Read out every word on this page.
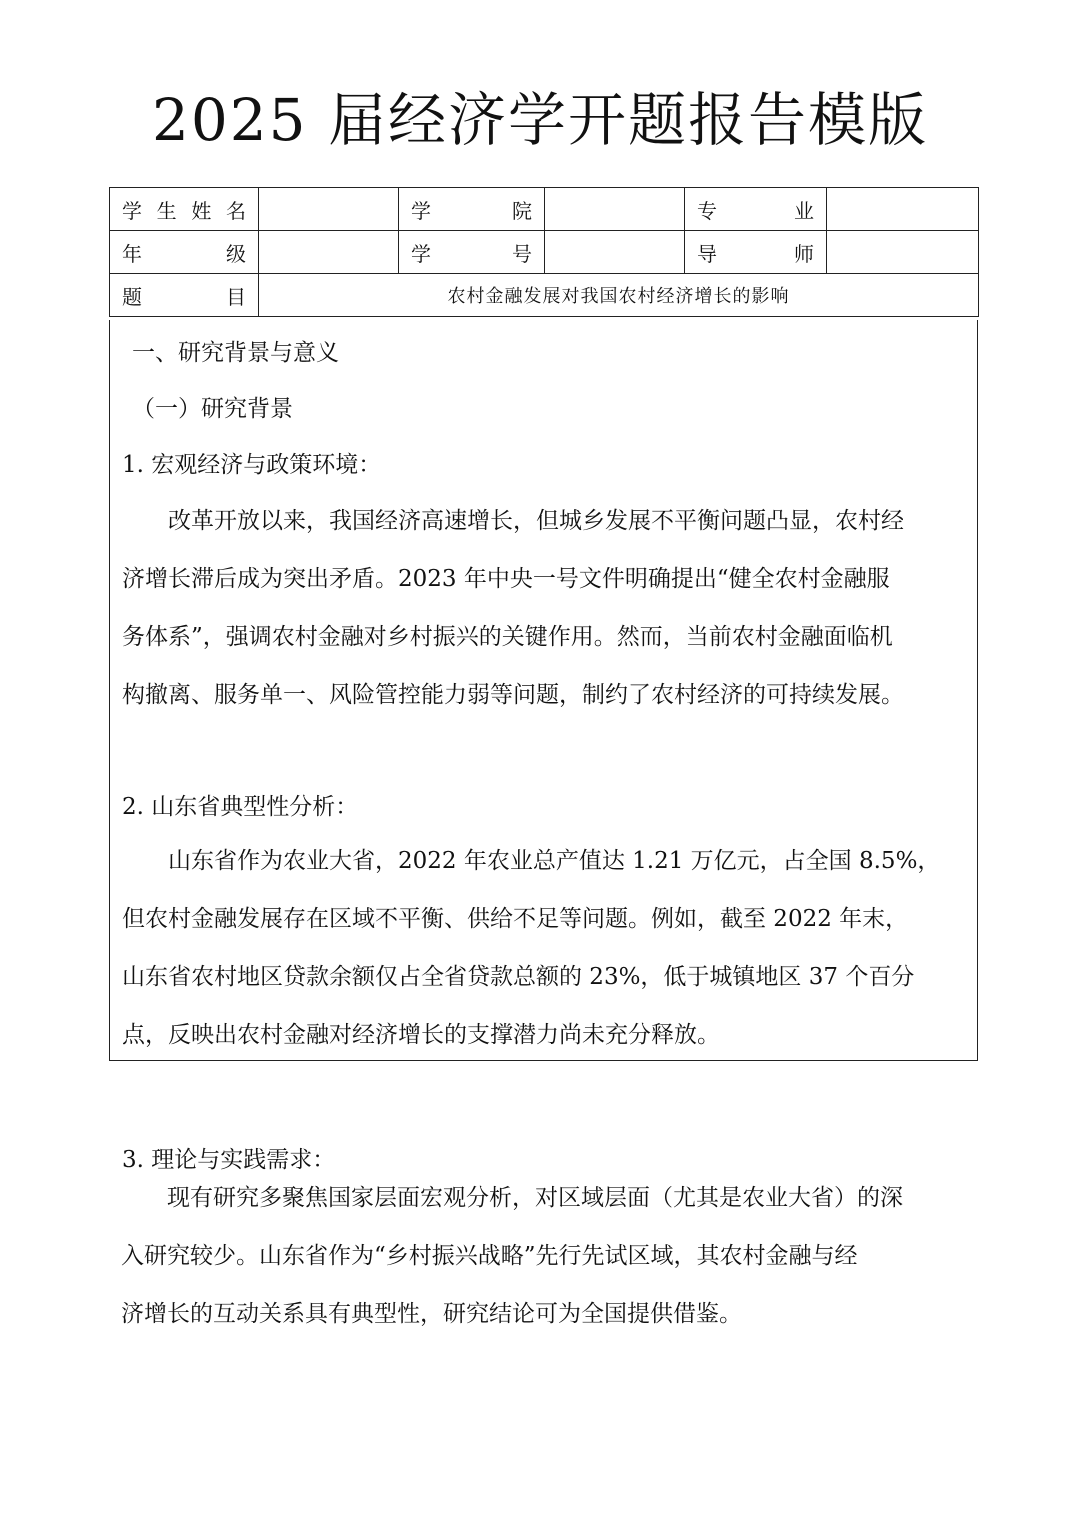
2025 届经济学开题报告模版
学 生 姓 名		学 院		专 业	

年 级		学 号		导 师	

题 目	农村金融发展对我国农村经济增长的影响				
一、研究背景与意义
（一）研究背景
1. 宏观经济与政策环境：
改革开放以来，我国经济高速增长，但城乡发展不平衡问题凸显，农村经
济增长滞后成为突出矛盾。2023 年中央一号文件明确提出“健全农村金融服
务体系”，强调农村金融对乡村振兴的关键作用。然而，当前农村金融面临机
构撤离、服务单一、风险管控能力弱等问题，制约了农村经济的可持续发展。
2. 山东省典型性分析：
山东省作为农业大省，2022 年农业总产值达 1.21 万亿元，占全国 8.5%，
但农村金融发展存在区域不平衡、供给不足等问题。例如，截至 2022 年末，
山东省农村地区贷款余额仅占全省贷款总额的 23%，低于城镇地区 37 个百分
点，反映出农村金融对经济增长的支撑潜力尚未充分释放。
3. 理论与实践需求：
现有研究多聚焦国家层面宏观分析，对区域层面（尤其是农业大省）的深
入研究较少。山东省作为“乡村振兴战略”先行先试区域，其农村金融与经
济增长的互动关系具有典型性，研究结论可为全国提供借鉴。
